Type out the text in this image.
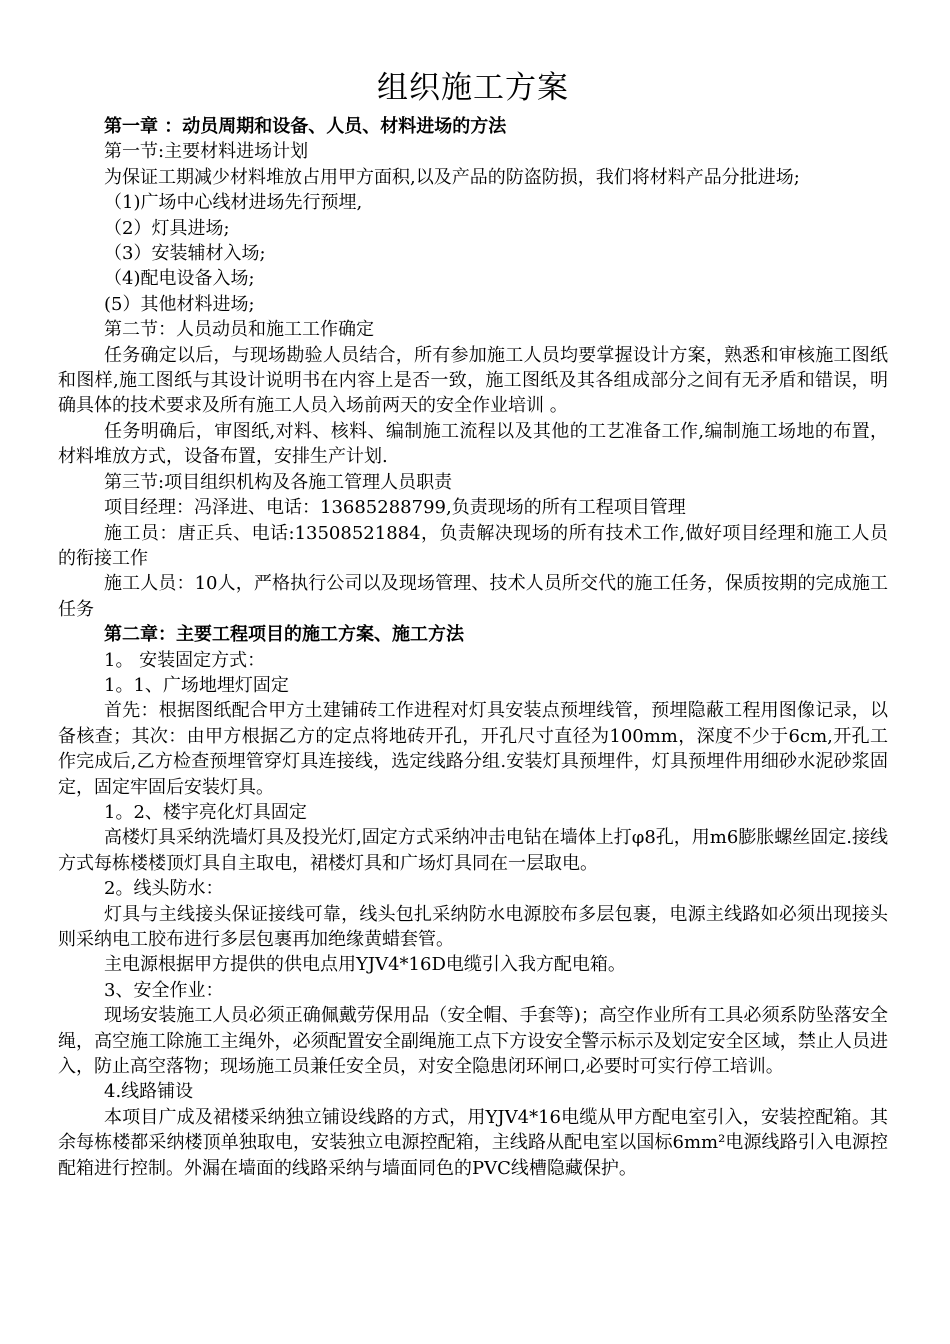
组织施工方案

第一章 ：动员周期和设备、人员、材料进场的方法

第一节:主要材料进场计划

为保证工期减少材料堆放占用甲方面积,以及产品的防盗防损，我们将材料产品分批进场;

（1)广场中心线材进场先行预埋,

（2）灯具进场;

（3）安装辅材入场;

（4)配电设备入场;

(5）其他材料进场;

第二节：人员动员和施工工作确定

任务确定以后，与现场勘验人员结合，所有参加施工人员均要掌握设计方案，熟悉和审核施工图纸和图样,施工图纸与其设计说明书在内容上是否一致，施工图纸及其各组成部分之间有无矛盾和错误，明确具体的技术要求及所有施工人员入场前两天的安全作业培训 。

任务明确后，审图纸,对料、核料、编制施工流程以及其他的工艺准备工作,编制施工场地的布置，材料堆放方式，设备布置，安排生产计划.

第三节:项目组织机构及各施工管理人员职责

项目经理：冯泽进、电话：13685288799,负责现场的所有工程项目管理

施工员：唐正兵、电话:13508521884，负责解决现场的所有技术工作,做好项目经理和施工人员的衔接工作

施工人员：10人，严格执行公司以及现场管理、技术人员所交代的施工任务，保质按期的完成施工任务

第二章：主要工程项目的施工方案、施工方法

1。 安装固定方式：

1。1、广场地埋灯固定

首先：根据图纸配合甲方土建铺砖工作进程对灯具安装点预埋线管，预埋隐蔽工程用图像记录，以备核查；其次：由甲方根据乙方的定点将地砖开孔，开孔尺寸直径为100mm，深度不少于6cm,开孔工作完成后,乙方检查预埋管穿灯具连接线，选定线路分组.安装灯具预埋件，灯具预埋件用细砂水泥砂浆固定，固定牢固后安装灯具。

1。2、楼宇亮化灯具固定

高楼灯具采纳洗墙灯具及投光灯,固定方式采纳冲击电钻在墙体上打φ8孔，用m6膨胀螺丝固定.接线方式每栋楼楼顶灯具自主取电，裙楼灯具和广场灯具同在一层取电。

2。线头防水：

灯具与主线接头保证接线可靠，线头包扎采纳防水电源胶布多层包裹，电源主线路如必须出现接头则采纳电工胶布进行多层包裹再加绝缘黄蜡套管。

主电源根据甲方提供的供电点用YJV4*16D电缆引入我方配电箱。

3、安全作业：

现场安装施工人员必须正确佩戴劳保用品（安全帽、手套等)；高空作业所有工具必须系防坠落安全绳，高空施工除施工主绳外，必须配置安全副绳施工点下方设安全警示标示及划定安全区域，禁止人员进入，防止高空落物；现场施工员兼任安全员，对安全隐患闭环闸口,必要时可实行停工培训。

4.线路铺设

本项目广成及裙楼采纳独立铺设线路的方式，用YJV4*16电缆从甲方配电室引入，安装控配箱。其余每栋楼都采纳楼顶单独取电，安装独立电源控配箱，主线路从配电室以国标6mm²电源线路引入电源控配箱进行控制。外漏在墙面的线路采纳与墙面同色的PVC线槽隐藏保护。
